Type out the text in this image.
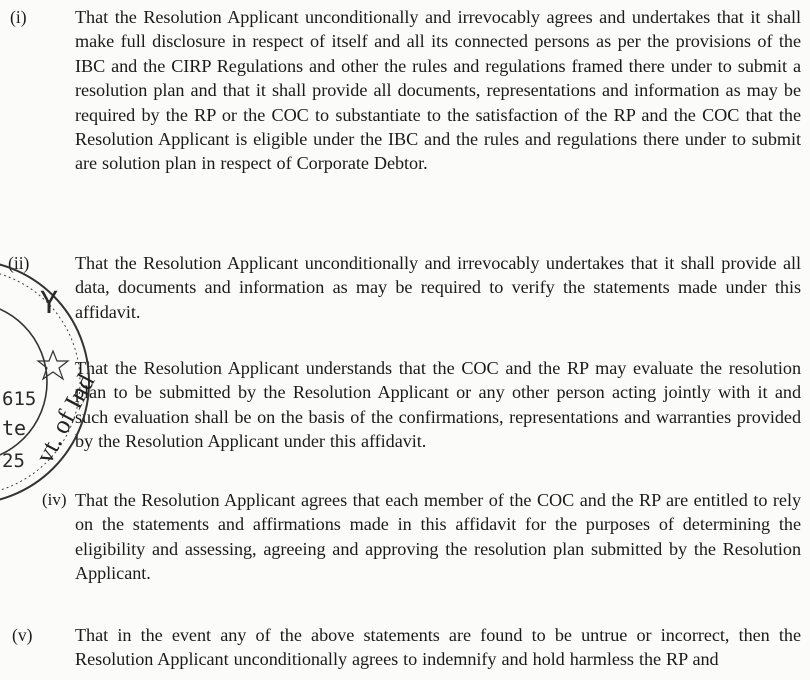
(i)	That the Resolution Applicant unconditionally and irrevocably agrees and undertakes that it shall make full disclosure in respect of itself and all its connected persons as per the provisions of the IBC and the CIRP Regulations and other the rules and regulations framed there under to submit a resolution plan and that it shall provide all documents, representations and information as may be required by the RP or the COC to substantiate to the satisfaction of the RP and the COC that the Resolution Applicant is eligible under the IBC and the rules and regulations there under to submit are solution plan in respect of Corporate Debtor.
(ii)	That the Resolution Applicant unconditionally and irrevocably undertakes that it shall provide all data, documents and information as may be required to verify the statements made under this affidavit.
That the Resolution Applicant understands that the COC and the RP may evaluate the resolution plan to be submitted by the Resolution Applicant or any other person acting jointly with it and such evaluation shall be on the basis of the confirmations, representations and warranties provided by the Resolution Applicant under this affidavit.
(iv) That the Resolution Applicant agrees that each member of the COC and the RP are entitled to rely on the statements and affirmations made in this affidavit for the purposes of determining the eligibility and assessing, agreeing and approving the resolution plan submitted by the Resolution Applicant.
(v)	That in the event any of the above statements are found to be untrue or incorrect, then the Resolution Applicant unconditionally agrees to indemnify and hold harmless the RP and
Y
615
te
25 vt. of Ind
